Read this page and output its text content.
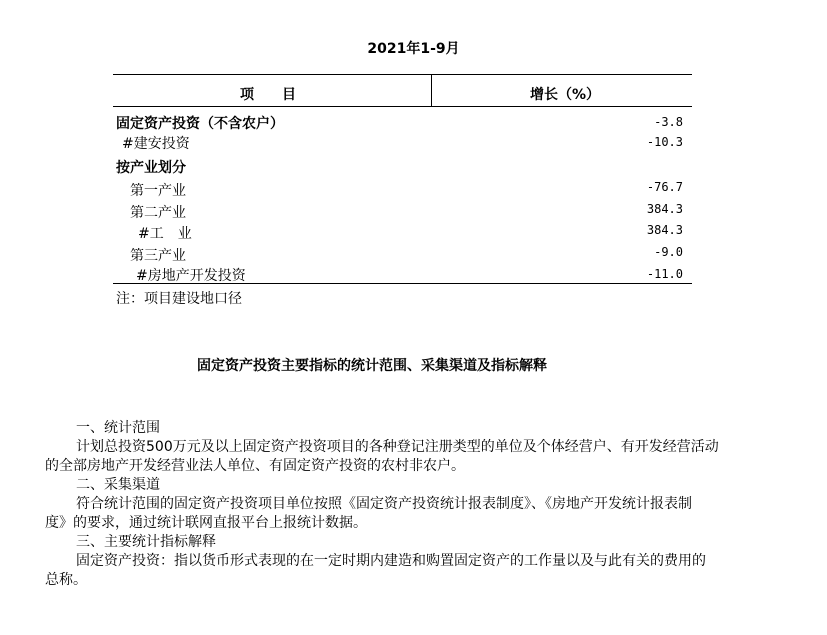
2021年1-9月
项　　目	增长（%）
固定资产投资（不含农户）	-3.8
#建安投资	-10.3
按产业划分
第一产业	-76.7
第二产业	384.3
#工　业	384.3
第三产业	-9.0
#房地产开发投资	-11.0
注：项目建设地口径
固定资产投资主要指标的统计范围、采集渠道及指标解释
一、统计范围
计划总投资500万元及以上固定资产投资项目的各种登记注册类型的单位及个体经营户、有开发经营活动
的全部房地产开发经营业法人单位、有固定资产投资的农村非农户。
二、采集渠道
符合统计范围的固定资产投资项目单位按照《固定资产投资统计报表制度》、《房地产开发统计报表制
度》的要求，通过统计联网直报平台上报统计数据。
三、主要统计指标解释
固定资产投资：指以货币形式表现的在一定时期内建造和购置固定资产的工作量以及与此有关的费用的
总称。
